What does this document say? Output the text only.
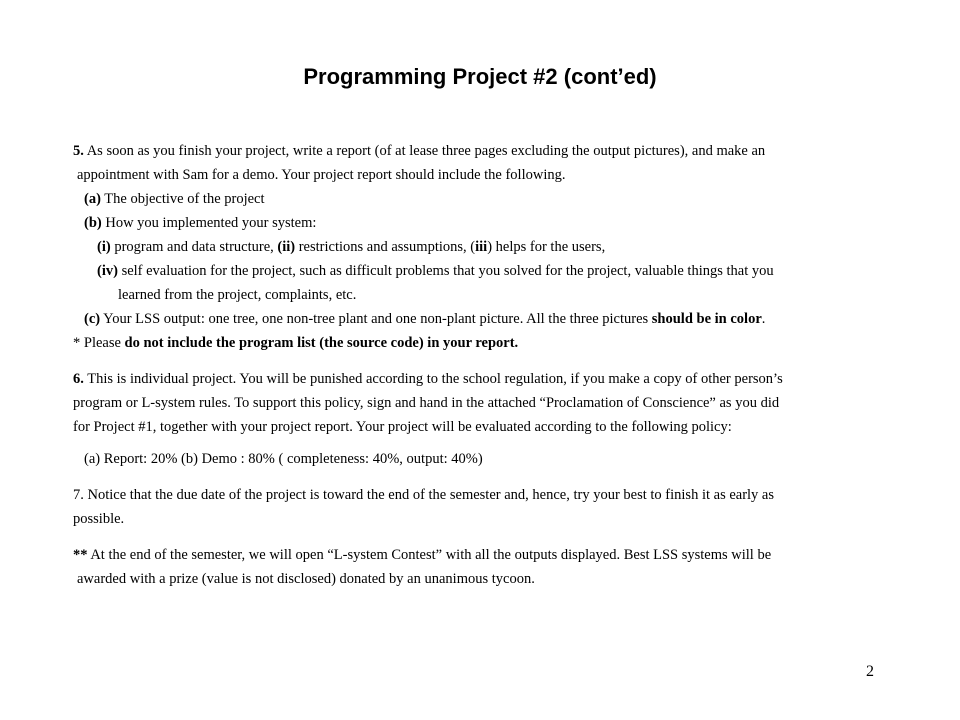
Programming Project #2 (cont’ed)
5. As soon as you finish your project, write a report (of at lease three pages excluding the output pictures), and make an
appointment with Sam for a demo. Your project report should include the following.
(a) The objective of the project
(b) How you implemented your system:
(i) program and data structure, (ii) restrictions and assumptions, (iii) helps for the users,
(iv) self evaluation for the project, such as difficult problems that you solved for the project, valuable things that you
learned from the project, complaints, etc.
(c) Your LSS output: one tree, one non-tree plant and one non-plant picture. All the three pictures should be in color.
* Please do not include the program list (the source code) in your report.
6. This is individual project. You will be punished according to the school regulation, if you make a copy of other person’s
program or L-system rules. To support this policy, sign and hand in the attached “Proclamation of Conscience” as you did
for Project #1, together with your project report. Your project will be evaluated according to the following policy:
(a) Report: 20% (b) Demo : 80% ( completeness: 40%, output: 40%)
7. Notice that the due date of the project is toward the end of the semester and, hence, try your best to finish it as early as
possible.
** At the end of the semester, we will open “L-system Contest” with all the outputs displayed. Best LSS systems will be
awarded with a prize (value is not disclosed) donated by an unanimous tycoon.
2
